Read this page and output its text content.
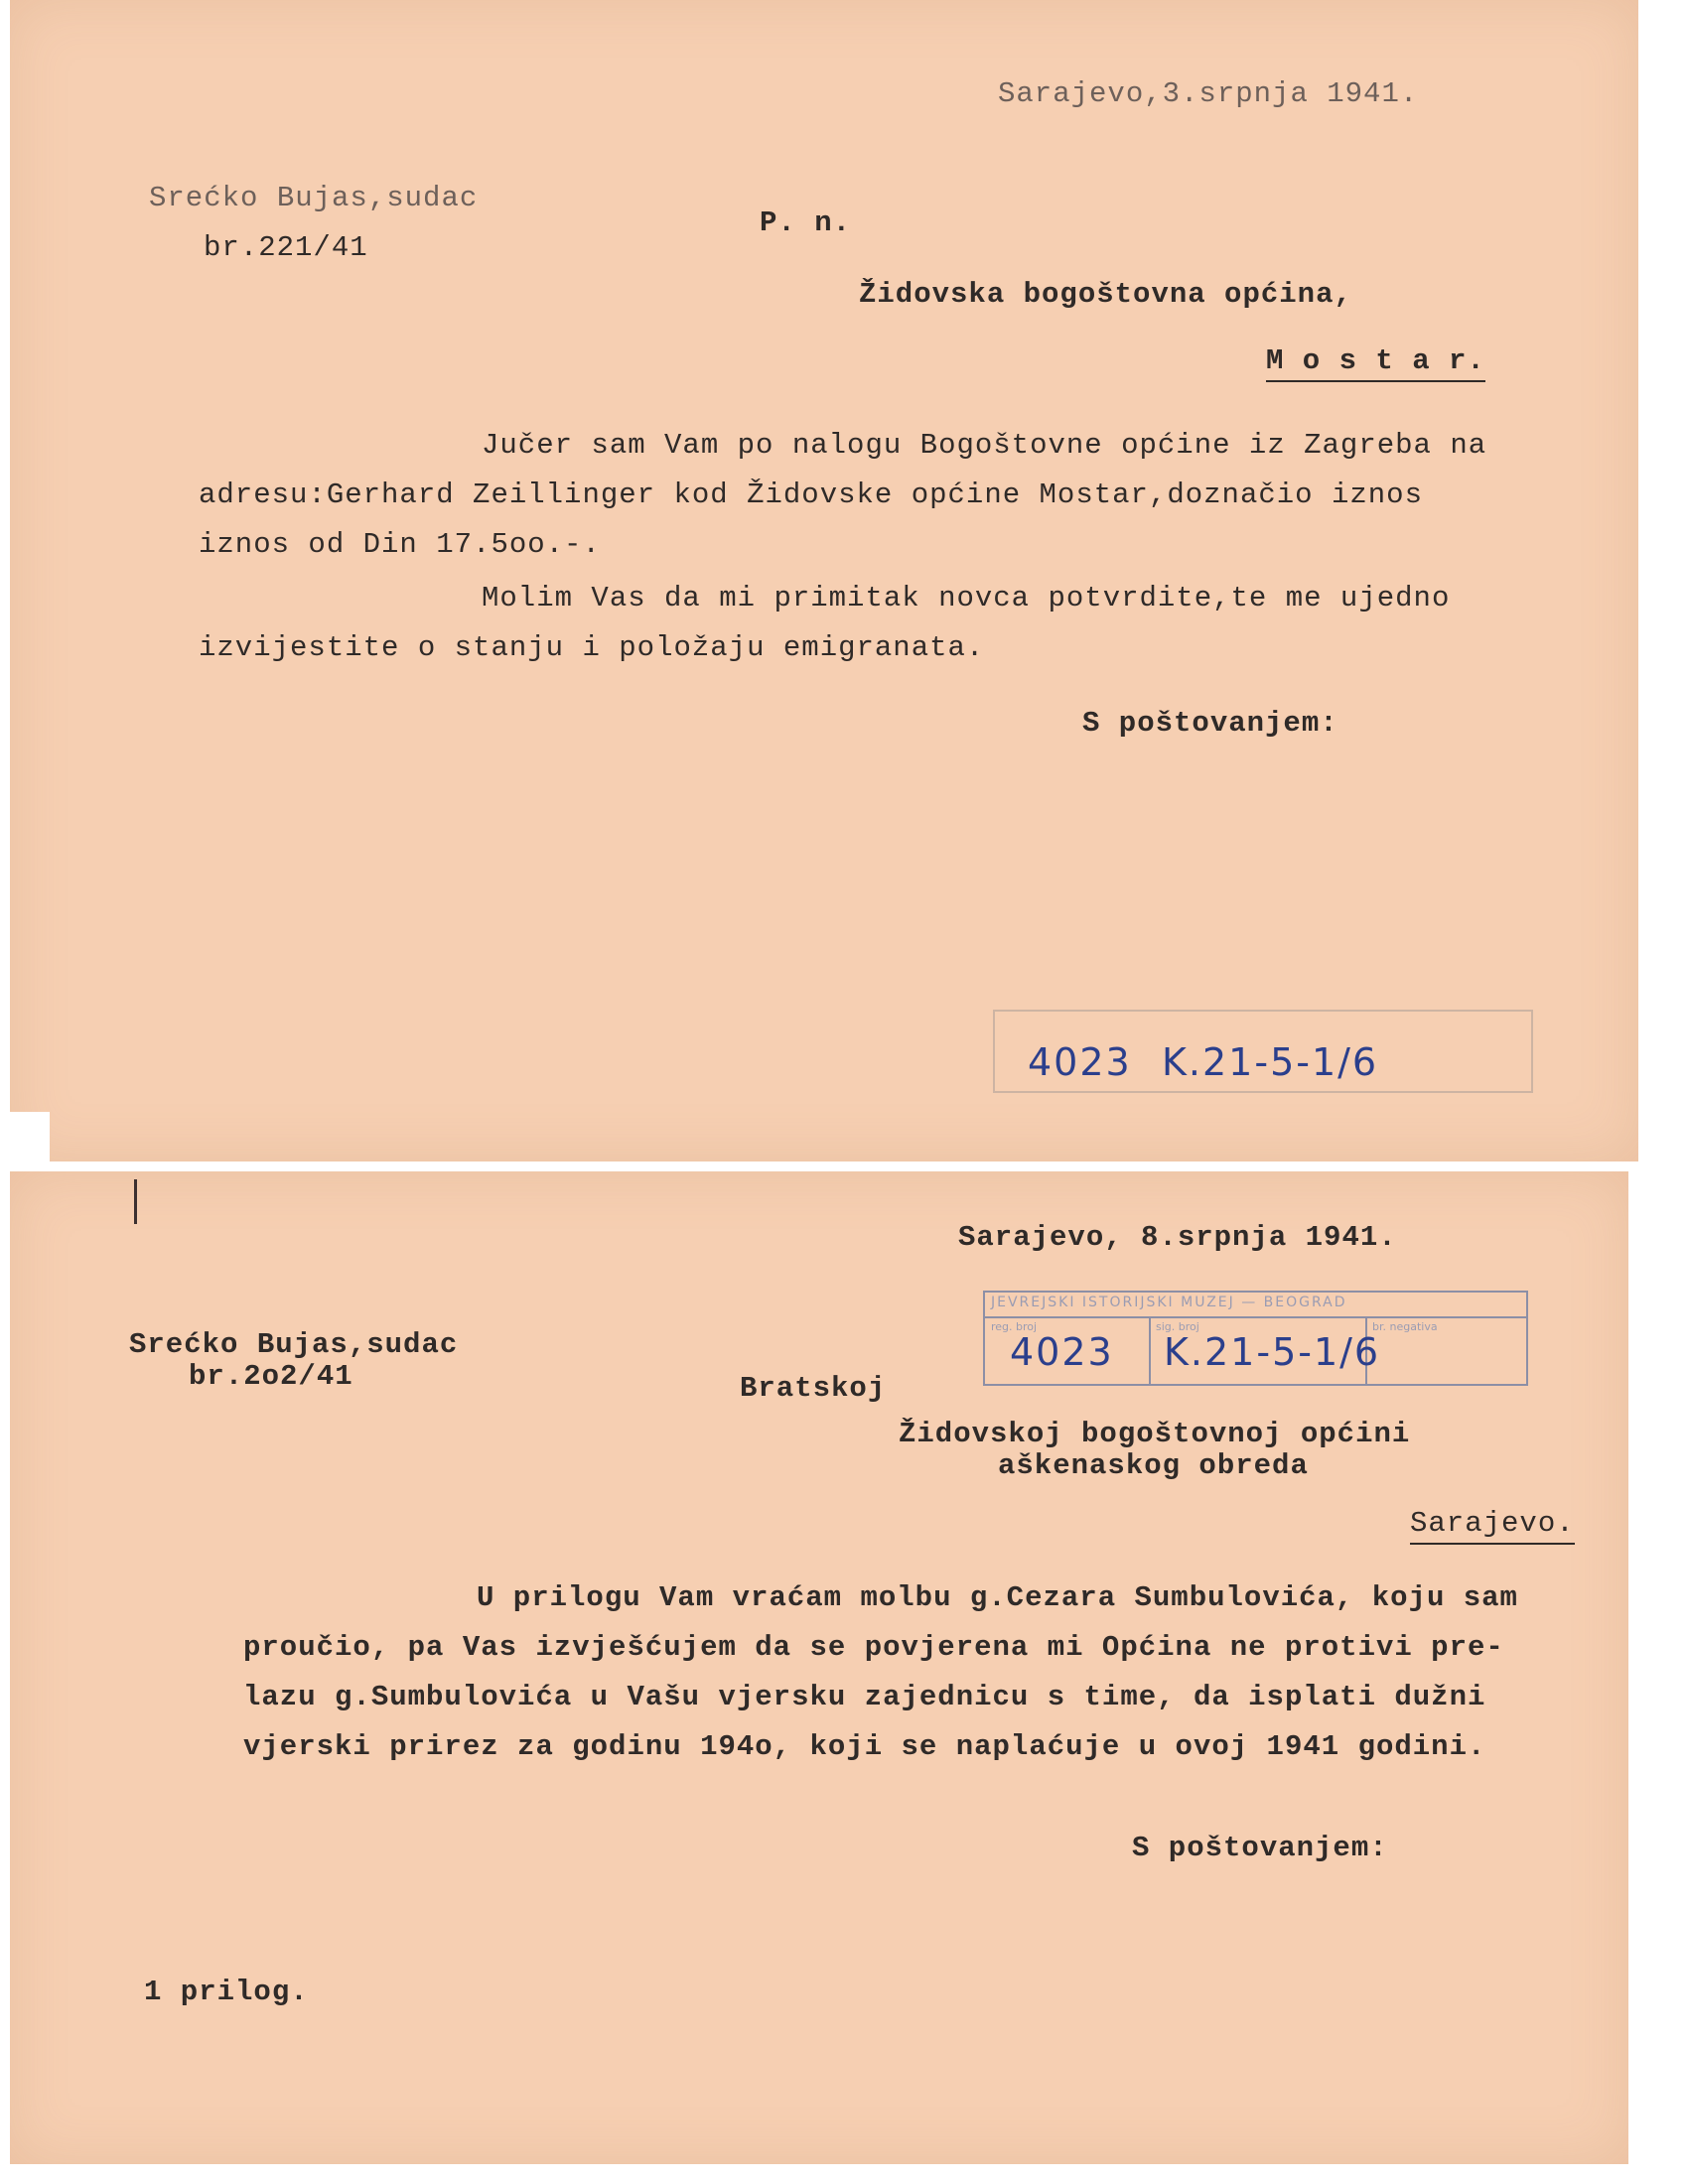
Sarajevo,3.srpnja 1941.
Srećko Bujas,sudac
br.221/41
P. n.
Židovska bogoštovna općina,
M o s t a r.

Jučer sam Vam po nalogu Bogoštovne općine iz Zagreba na

adresu:Gerhard Zeillinger kod Židovske općine Mostar,doznačio iznos

iznos od Din 17.5oo.-.

Molim Vas da mi primitak novca potvrdite,te me ujedno

izvijestite o stanju i položaju emigranata.

S poštovanjem:
4023 K.21-5-1/6
Sarajevo, 8.srpnja 1941.
Srećko Bujas,sudac
br.2o2/41
JEVREJSKI ISTORIJSKI MUZEJ — BEOGRAD
reg. broj	sig. broj	br. negativa
4023 K.21-5-1/6
Bratskoj
Židovskoj bogoštovnoj općini
aškenaskog obreda
Sarajevo.

U prilogu Vam vraćam molbu g.Cezara Sumbulovića, koju sam

proučio, pa Vas izvješćujem da se povjerena mi Općina ne protivi pre-

lazu g.Sumbulovića u Vašu vjersku zajednicu s time, da isplati dužni

vjerski prirez za godinu 194o, koji se naplaćuje u ovoj 1941 godini.

S poštovanjem:
1 prilog.
